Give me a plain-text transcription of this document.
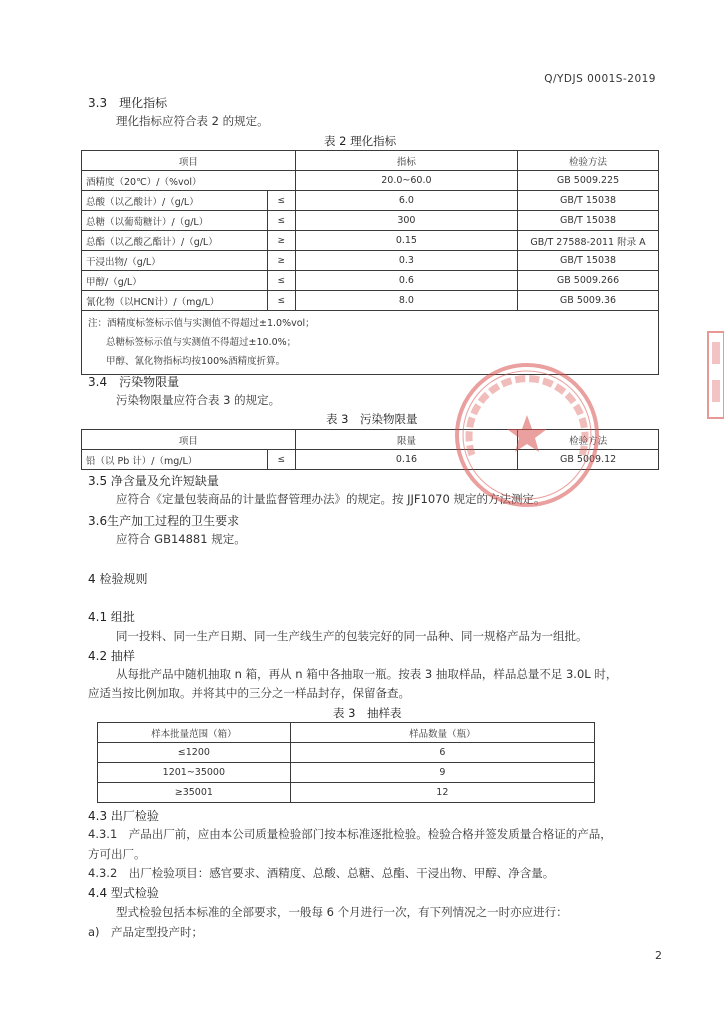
Q/YDJS 0001S-2019
3.3　理化指标
理化指标应符合表 2 的规定。
表 2 理化指标
项目		指标	检验方法
酒精度（20℃）/（%vol）		20.0~60.0	GB 5009.225
总酸（以乙酸计）/（g/L）	≤	6.0	GB/T 15038
总糖（以葡萄糖计）/（g/L）	≤	300	GB/T 15038
总酯（以乙酸乙酯计）/（g/L）	≥	0.15	GB/T 27588-2011 附录 A
干浸出物/（g/L）	≥	0.3	GB/T 15038
甲醇/（g/L）	≤	0.6	GB 5009.266
氰化物（以HCN计）/（mg/L）	≤	8.0	GB 5009.36

注：酒精度标签标示值与实测值不得超过±1.0%vol；
总糖标签标示值与实测值不得超过±10.0%；
甲醇、氰化物指标均按100%酒精度折算。			
3.4　污染物限量
污染物限量应符合表 3 的规定。
表 3　污染物限量
项目		限量	检验方法
铅（以 Pb 计）/（mg/L）	≤	0.16	GB 5009.12
3.5 净含量及允许短缺量
应符合《定量包装商品的计量监督管理办法》的规定。按 JJF1070 规定的方法测定。
3.6生产加工过程的卫生要求
应符合 GB14881 规定。
4 检验规则
4.1 组批
同一投料、同一生产日期、同一生产线生产的包装完好的同一品种、同一规格产品为一组批。
4.2 抽样
从每批产品中随机抽取 n 箱，再从 n 箱中各抽取一瓶。按表 3 抽取样品，样品总量不足 3.0L 时，
应适当按比例加取。并将其中的三分之一样品封存，保留备查。
表 3　抽样表
样本批量范围（箱）	样品数量（瓶）
≤1200	6
1201~35000	9
≥35001	12
4.3 出厂检验
4.3.1　产品出厂前，应由本公司质量检验部门按本标准逐批检验。检验合格并签发质量合格证的产品，
方可出厂。
4.3.2　出厂检验项目：感官要求、酒精度、总酸、总糖、总酯、干浸出物、甲醇、净含量。
4.4 型式检验
型式检验包括本标准的全部要求，一般每 6 个月进行一次，有下列情况之一时亦应进行：
a)　产品定型投产时；
2
